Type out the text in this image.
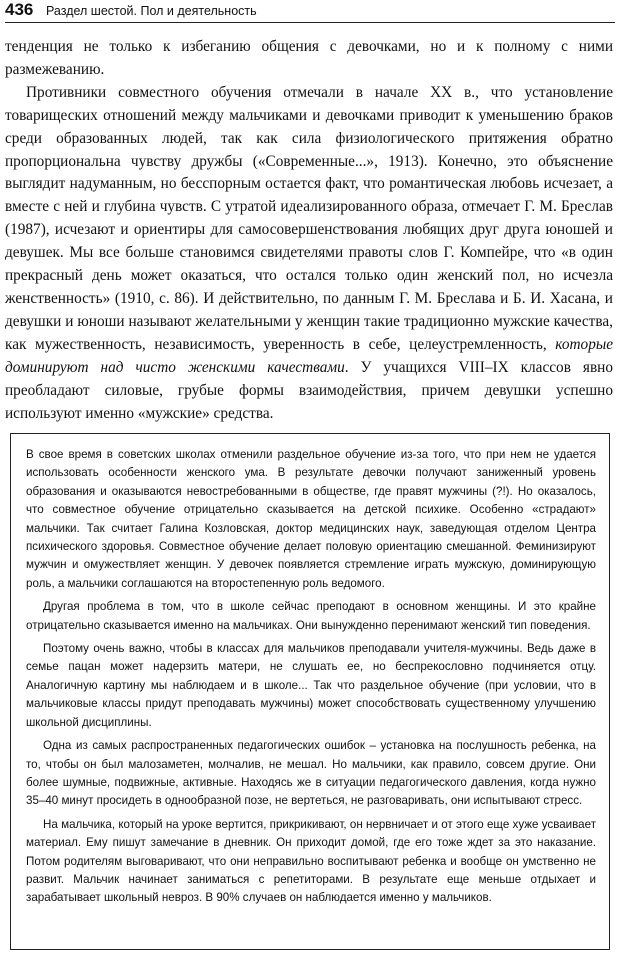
436 Раздел шестой. Пол и деятельность

тенденция не только к избеганию общения с девочками, но и к полному с ними размежеванию.

Противники совместного обучения отмечали в начале XX в., что установление товарищеских отношений между мальчиками и девочками приводит к уменьшению браков среди образованных людей, так как сила физиологического притяжения обратно пропорциональна чувству дружбы («Современные...», 1913). Конечно, это объяснение выглядит надуманным, но бесспорным остается факт, что романтическая любовь исчезает, а вместе с ней и глубина чувств. С утратой идеализированного образа, отмечает Г. М. Бреслав (1987), исчезают и ориентиры для самосовершенствования любящих друг друга юношей и девушек. Мы все больше становимся свидетелями правоты слов Г. Компейре, что «в один прекрасный день может оказаться, что остался только один женский пол, но исчезла женственность» (1910, с. 86). И действительно, по данным Г. М. Бреслава и Б. И. Хасана, и девушки и юноши называют желательными у женщин такие традиционно мужские качества, как мужественность, независимость, уверенность в себе, целеустремленность, которые доминируют над чисто женскими качествами. У учащихся VIII–IX классов явно преобладают силовые, грубые формы взаимодействия, причем девушки успешно используют именно «мужские» средства.

В свое время в советских школах отменили раздельное обучение из-за того, что при нем не удается использовать особенности женского ума. В результате девочки получают заниженный уровень образования и оказываются невостребованными в обществе, где правят мужчины (?!). Но оказалось, что совместное обучение отрицательно сказывается на детской психике. Особенно «страдают» мальчики. Так считает Галина Козловская, доктор медицинских наук, заведующая отделом Центра психического здоровья. Совместное обучение делает половую ориентацию смешанной. Феминизируют мужчин и омужествляет женщин. У девочек появляется стремление играть мужскую, доминирующую роль, а мальчики соглашаются на второстепенную роль ведомого.

Другая проблема в том, что в школе сейчас преподают в основном женщины. И это крайне отрицательно сказывается именно на мальчиках. Они вынужденно перенимают женский тип поведения.

Поэтому очень важно, чтобы в классах для мальчиков преподавали учителя-мужчины. Ведь даже в семье пацан может надерзить матери, не слушать ее, но беспрекословно подчиняется отцу. Аналогичную картину мы наблюдаем и в школе... Так что раздельное обучение (при условии, что в мальчиковые классы придут преподавать мужчины) может способствовать существенному улучшению школьной дисциплины.

Одна из самых распространенных педагогических ошибок – установка на послушность ребенка, на то, чтобы он был малозаметен, молчалив, не мешал. Но мальчики, как правило, совсем другие. Они более шумные, подвижные, активные. Находясь же в ситуации педагогического давления, когда нужно 35–40 минут просидеть в однообразной позе, не вертеться, не разговаривать, они испытывают стресс.

На мальчика, который на уроке вертится, прикрикивают, он нервничает и от этого еще хуже усваивает материал. Ему пишут замечание в дневник. Он приходит домой, где его тоже ждет за это наказание. Потом родителям выговаривают, что они неправильно воспитывают ребенка и вообще он умственно не развит. Мальчик начинает заниматься с репетиторами. В результате еще меньше отдыхает и зарабатывает школьный невроз. В 90% случаев он наблюдается именно у мальчиков.
